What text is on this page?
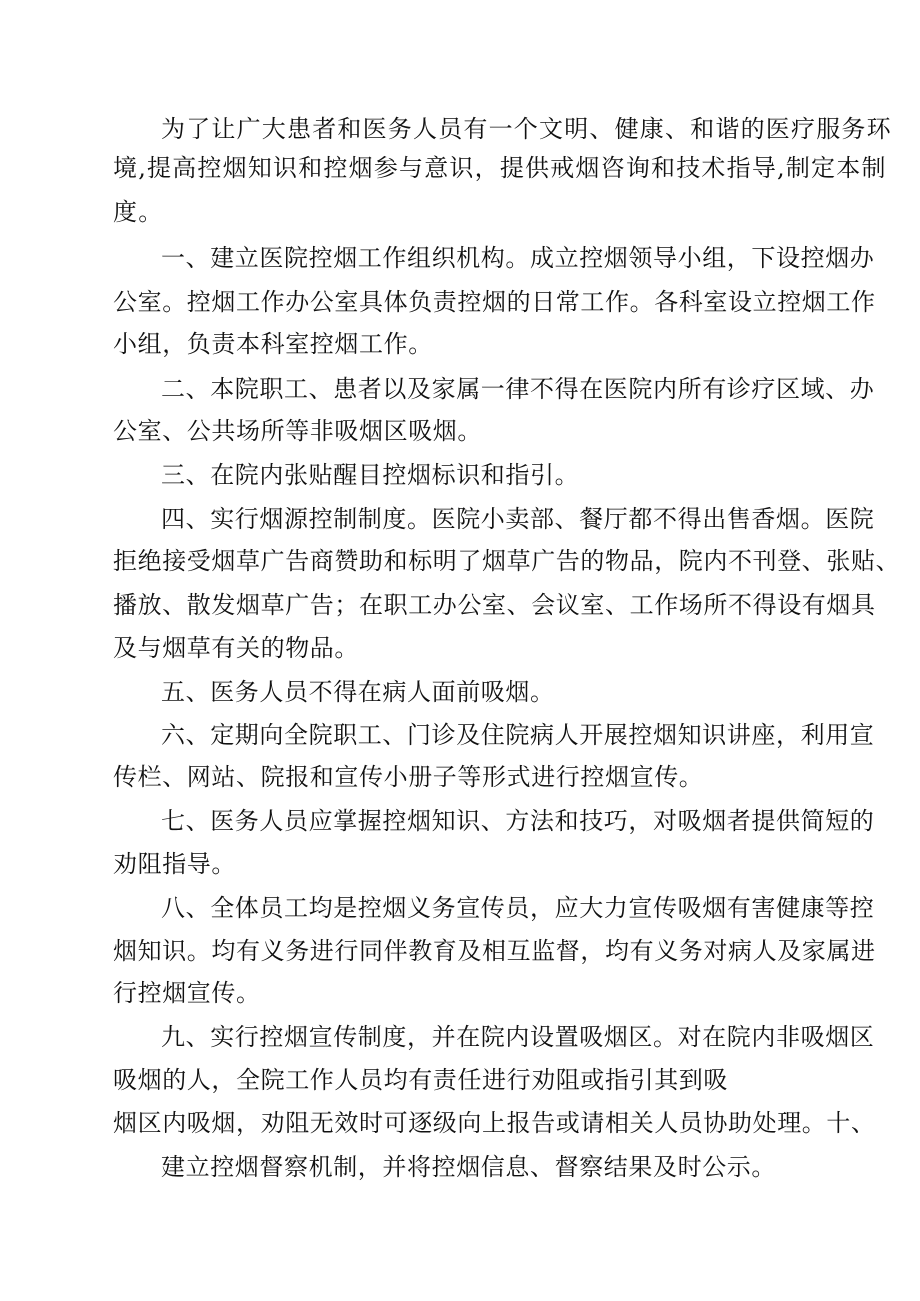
为了让广大患者和医务人员有一个文明、健康、和谐的医疗服务环
境,提高控烟知识和控烟参与意识，提供戒烟咨询和技术指导,制定本制
度。
一、建立医院控烟工作组织机构。成立控烟领导小组，下设控烟办
公室。控烟工作办公室具体负责控烟的日常工作。各科室设立控烟工作
小组，负责本科室控烟工作。
二、本院职工、患者以及家属一律不得在医院内所有诊疗区域、办
公室、公共场所等非吸烟区吸烟。
三、在院内张贴醒目控烟标识和指引。
四、实行烟源控制制度。医院小卖部、餐厅都不得出售香烟。医院
拒绝接受烟草广告商赞助和标明了烟草广告的物品，院内不刊登、张贴、
播放、散发烟草广告；在职工办公室、会议室、工作场所不得设有烟具
及与烟草有关的物品。
五、医务人员不得在病人面前吸烟。
六、定期向全院职工、门诊及住院病人开展控烟知识讲座，利用宣
传栏、网站、院报和宣传小册子等形式进行控烟宣传。
七、医务人员应掌握控烟知识、方法和技巧，对吸烟者提供简短的
劝阻指导。
八、全体员工均是控烟义务宣传员，应大力宣传吸烟有害健康等控
烟知识。均有义务进行同伴教育及相互监督，均有义务对病人及家属进
行控烟宣传。
九、实行控烟宣传制度，并在院内设置吸烟区。对在院内非吸烟区
吸烟的人，全院工作人员均有责任进行劝阻或指引其到吸
烟区内吸烟，劝阻无效时可逐级向上报告或请相关人员协助处理。十、
建立控烟督察机制，并将控烟信息、督察结果及时公示。
